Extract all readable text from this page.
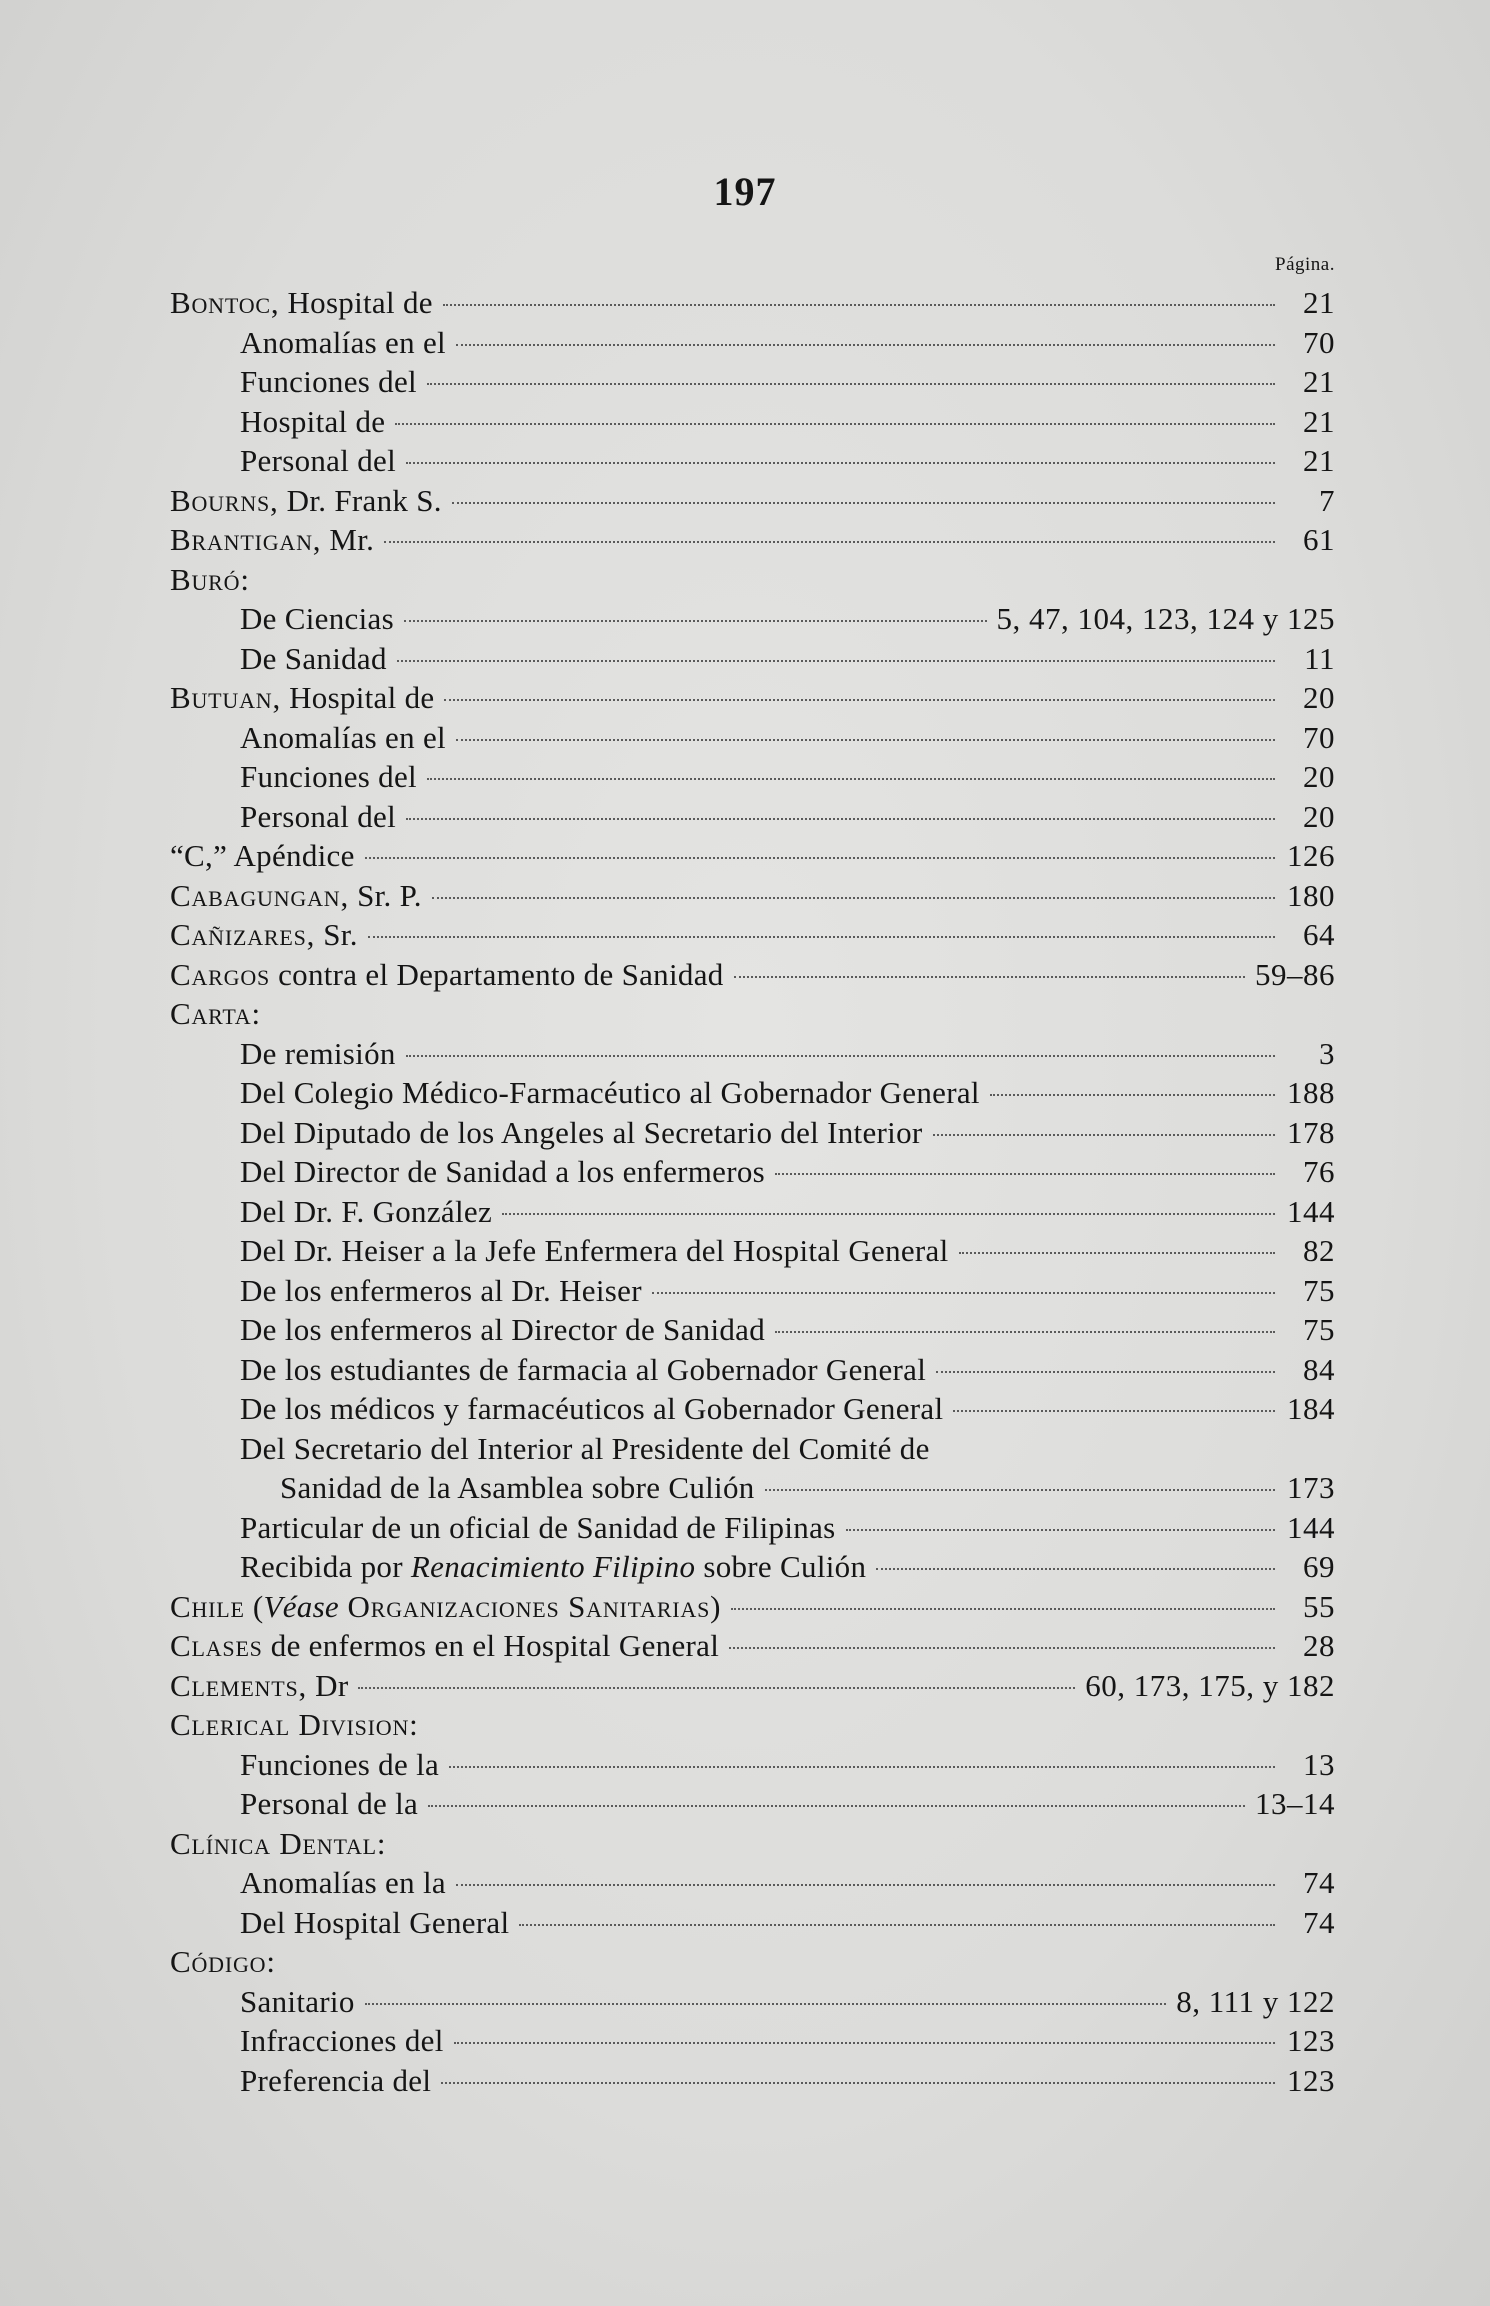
197
Página.
Bontoc, Hospital de	21
Anomalías en el	70
Funciones del	21
Hospital de	21
Personal del	21
Bourns, Dr. Frank S.	7
Brantigan, Mr.	61
Buró:
De Ciencias	5, 47, 104, 123, 124 y 125
De Sanidad	11
Butuan, Hospital de	20
Anomalías en el	70
Funciones del	20
Personal del	20
“C,” Apéndice	126
Cabagungan, Sr. P.	180
Cañizares, Sr.	64
Cargos contra el Departamento de Sanidad	59–86
Carta:
De remisión	3
Del Colegio Médico-Farmacéutico al Gobernador General	188
Del Diputado de los Angeles al Secretario del Interior	178
Del Director de Sanidad a los enfermeros	76
Del Dr. F. González	144
Del Dr. Heiser a la Jefe Enfermera del Hospital General	82
De los enfermeros al Dr. Heiser	75
De los enfermeros al Director de Sanidad	75
De los estudiantes de farmacia al Gobernador General	84
De los médicos y farmacéuticos al Gobernador General	184
Del Secretario del Interior al Presidente del Comité de
Sanidad de la Asamblea sobre Culión	173
Particular de un oficial de Sanidad de Filipinas	144
Recibida por Renacimiento Filipino sobre Culión	69
Chile (Véase Organizaciones Sanitarias)	55
Clases de enfermos en el Hospital General	28
Clements, Dr	60, 173, 175, y 182
Clerical Division:
Funciones de la	13
Personal de la	13–14
Clínica Dental:
Anomalías en la	74
Del Hospital General	74
Código:
Sanitario	8, 111 y 122
Infracciones del	123
Preferencia del	123
